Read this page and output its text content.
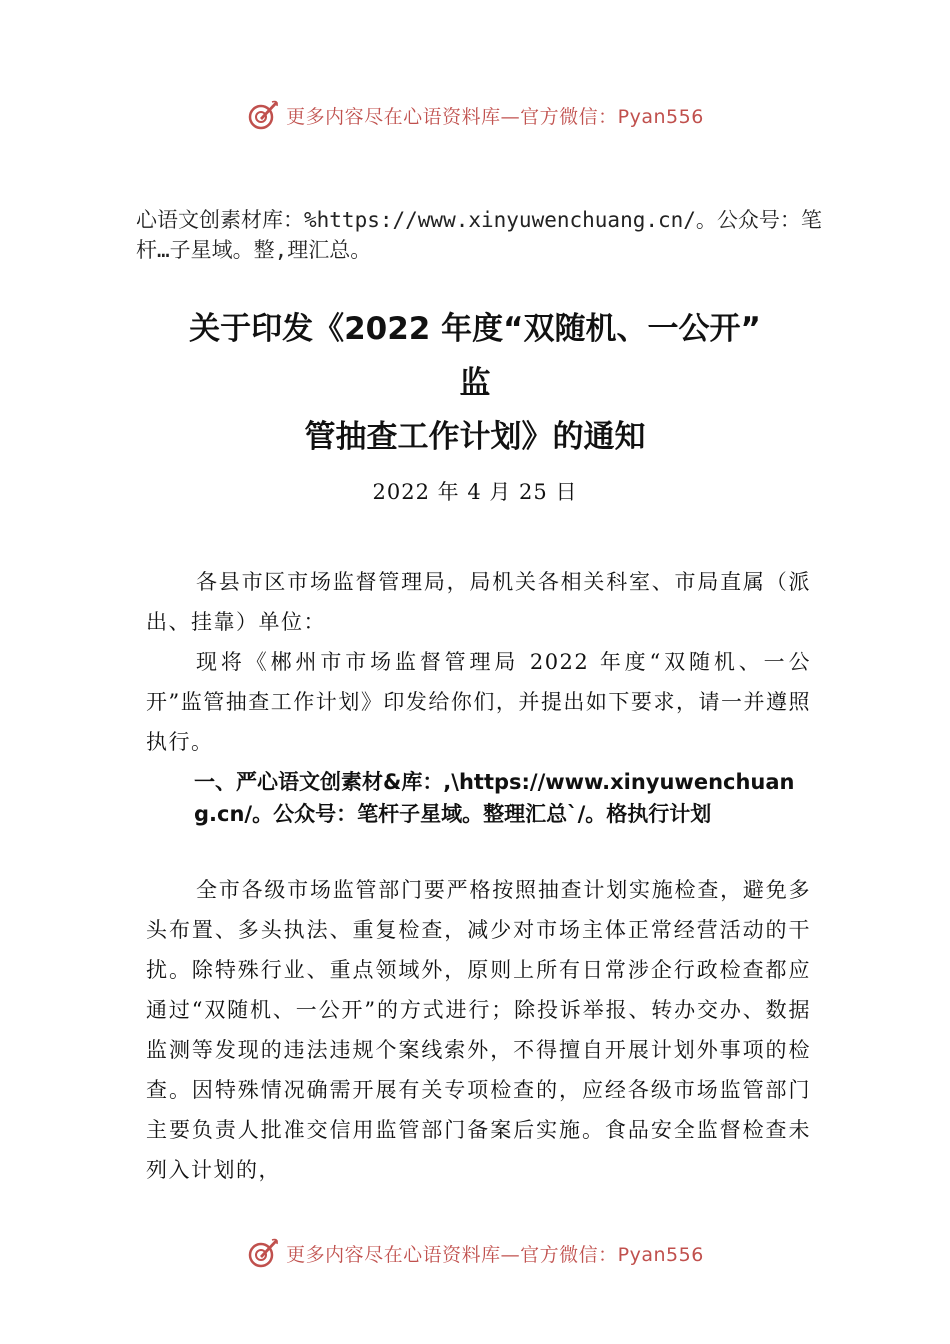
更多内容尽在心语资料库—官方微信：Pyan556
心语文创素材库：%https://www.xinyuwenchuang.cn/。公众号：笔杆…子星域。整,理汇总。
关于印发《2022 年度“双随机、一公开”
监
管抽查工作计划》的通知
2022 年 4 月 25 日

各县市区市场监督管理局，局机关各相关科室、市局直属（派出、挂靠）单位：

现将《郴州市市场监督管理局 2022 年度“双随机、一公开”监管抽查工作计划》印发给你们，并提出如下要求，请一并遵照执行。

一、严心语文创素材&库：,\https://www.xinyuwenchuang.cn/。公众号：笔杆子星域。整理汇总`/。格执行计划

全市各级市场监管部门要严格按照抽查计划实施检查，避免多头布置、多头执法、重复检查，减少对市场主体正常经营活动的干扰。除特殊行业、重点领域外，原则上所有日常涉企行政检查都应通过“双随机、一公开”的方式进行；除投诉举报、转办交办、数据监测等发现的违法违规个案线索外，不得擅自开展计划外事项的检查。因特殊情况确需开展有关专项检查的，应经各级市场监管部门主要负责人批准交信用监管部门备案后实施。食品安全监督检查未列入计划的，

更多内容尽在心语资料库—官方微信：Pyan556
